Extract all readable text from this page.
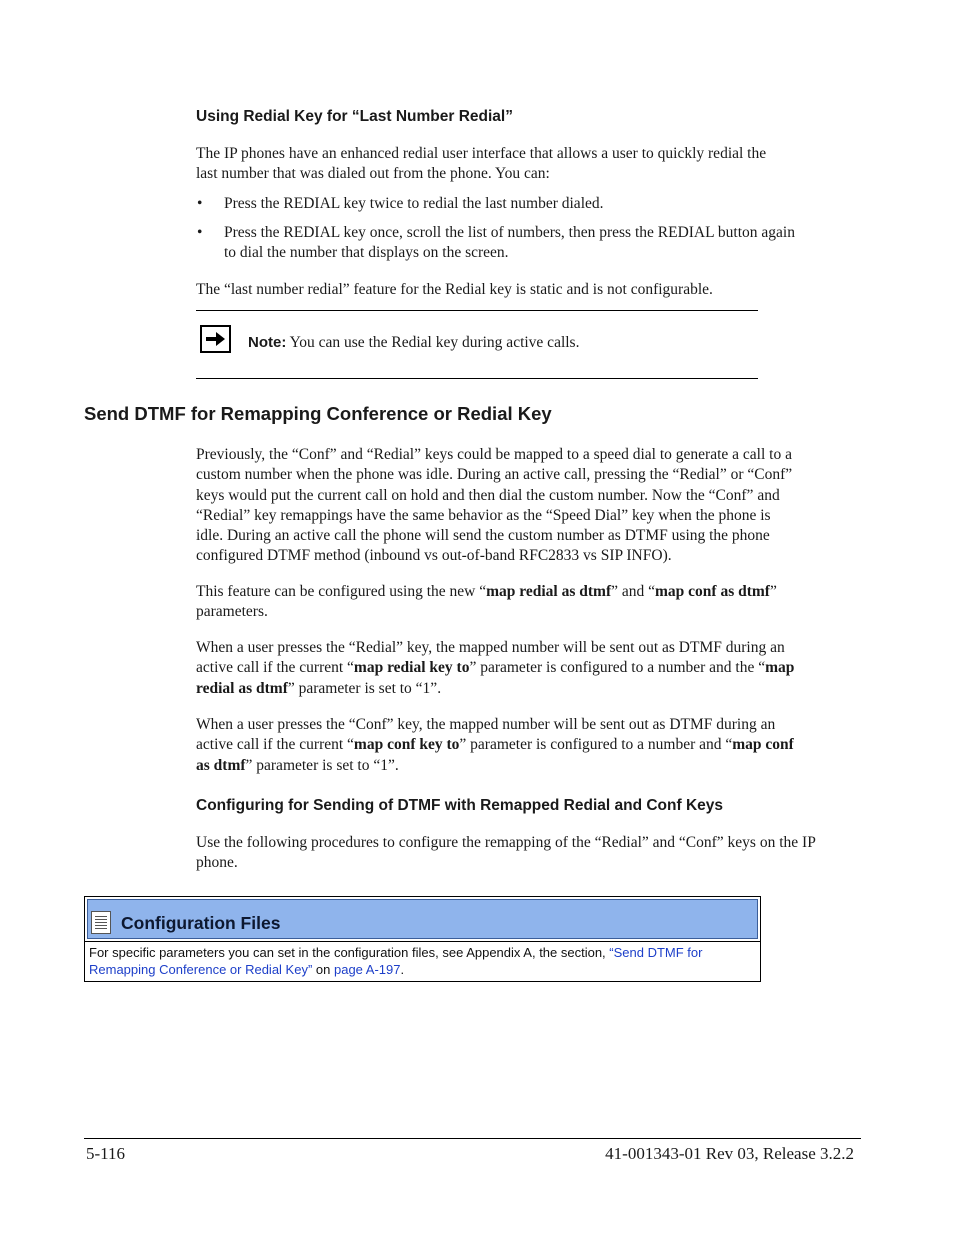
Using Redial Key for “Last Number Redial”

The IP phones have an enhanced redial user interface that allows a user to quickly redial the

last number that was dialed out from the phone. You can:

• Press the REDIAL key twice to redial the last number dialed.
• Press the REDIAL key once, scroll the list of numbers, then press the REDIAL button again

to dial the number that displays on the screen.

The “last number redial” feature for the Redial key is static and is not configurable.
Note: You can use the Redial key during active calls.
Send DTMF for Remapping Conference or Redial Key

Previously, the “Conf” and “Redial” keys could be mapped to a speed dial to generate a call to a

custom number when the phone was idle. During an active call, pressing the “Redial” or “Conf”

keys would put the current call on hold and then dial the custom number. Now the “Conf” and

“Redial” key remappings have the same behavior as the “Speed Dial” key when the phone is

idle. During an active call the phone will send the custom number as DTMF using the phone

configured DTMF method (inbound vs out-of-band RFC2833 vs SIP INFO).

This feature can be configured using the new “map redial as dtmf” and “map conf as dtmf”

parameters.

When a user presses the “Redial” key, the mapped number will be sent out as DTMF during an

active call if the current “map redial key to” parameter is configured to a number and the “map

redial as dtmf” parameter is set to “1”.

When a user presses the “Conf” key, the mapped number will be sent out as DTMF during an

active call if the current “map conf key to” parameter is configured to a number and “map conf

as dtmf” parameter is set to “1”.

Configuring for Sending of DTMF with Remapped Redial and Conf Keys

Use the following procedures to configure the remapping of the “Redial” and “Conf” keys on the IP

phone.

Configuration Files
For specific parameters you can set in the configuration files, see Appendix A, the section, “Send DTMF for
Remapping Conference or Redial Key” on page A-197.
5-116	41-001343-01 Rev 03, Release 3.2.2
